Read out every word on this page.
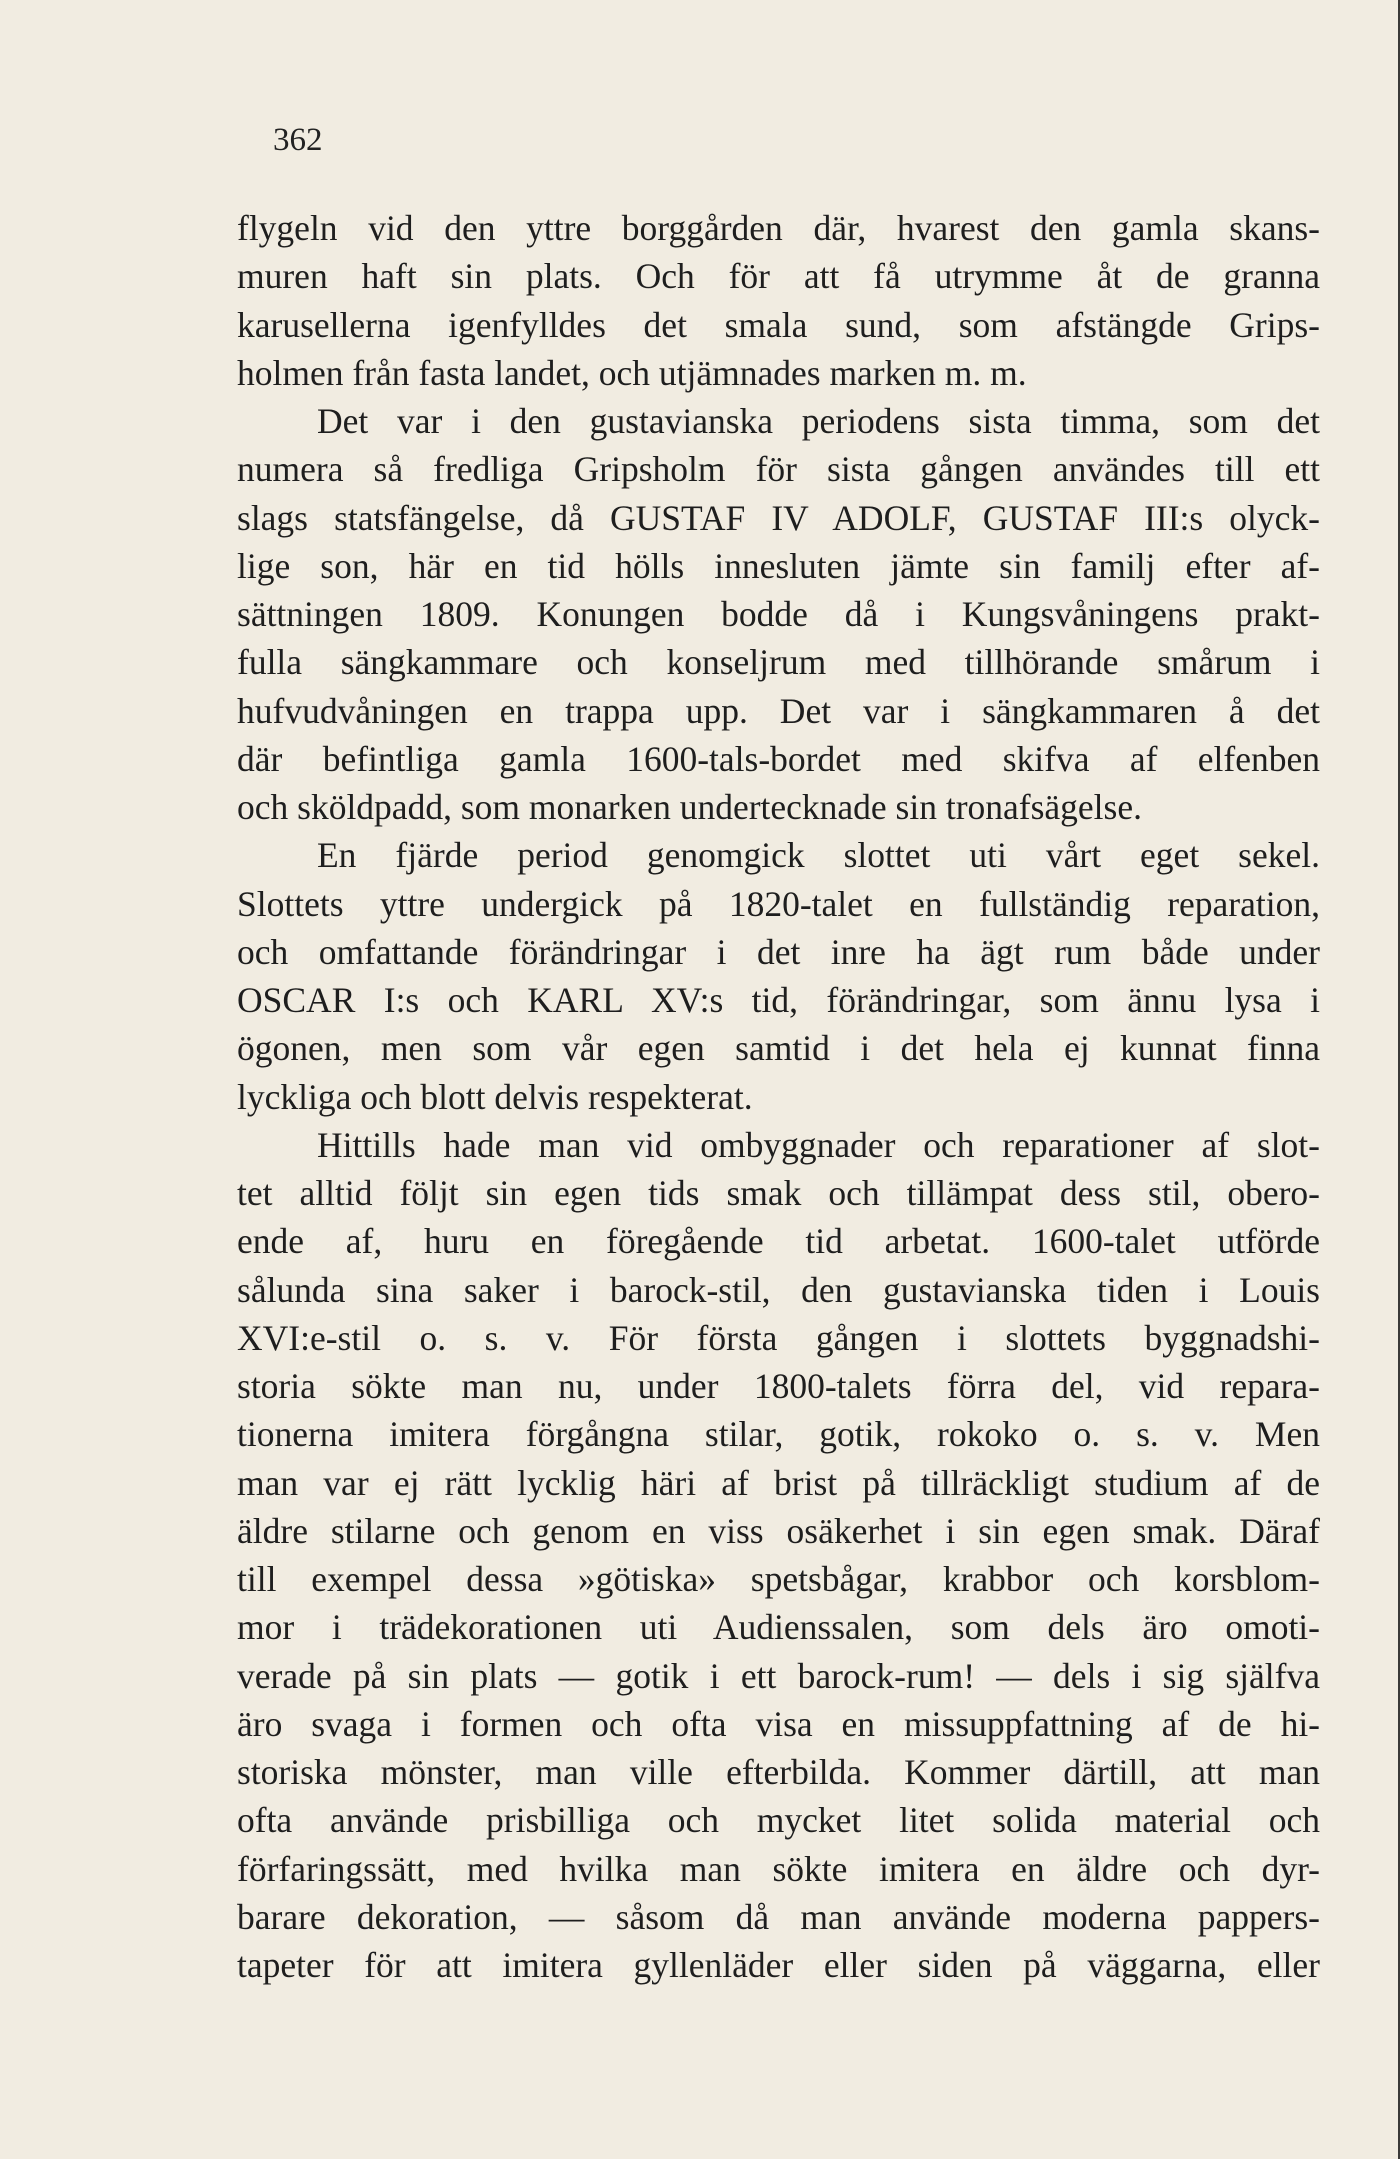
362
flygeln vid den yttre borggården där, hvarest den gamla skans-
muren haft sin plats. Och för att få utrymme åt de granna
karusellerna igenfylldes det smala sund, som afstängde Grips-
holmen från fasta landet, och utjämnades marken m. m.
Det var i den gustavianska periodens sista timma, som det
numera så fredliga Gripsholm för sista gången användes till ett
slags statsfängelse, då GUSTAF IV ADOLF, GUSTAF III:s olyck-
lige son, här en tid hölls innesluten jämte sin familj efter af-
sättningen 1809. Konungen bodde då i Kungsvåningens prakt-
fulla sängkammare och konseljrum med tillhörande smårum i
hufvudvåningen en trappa upp. Det var i sängkammaren å det
där befintliga gamla 1600-tals-bordet med skifva af elfenben
och sköldpadd, som monarken undertecknade sin tronafsägelse.
En fjärde period genomgick slottet uti vårt eget sekel.
Slottets yttre undergick på 1820-talet en fullständig reparation,
och omfattande förändringar i det inre ha ägt rum både under
OSCAR I:s och KARL XV:s tid, förändringar, som ännu lysa i
ögonen, men som vår egen samtid i det hela ej kunnat finna
lyckliga och blott delvis respekterat.
Hittills hade man vid ombyggnader och reparationer af slot-
tet alltid följt sin egen tids smak och tillämpat dess stil, obero-
ende af, huru en föregående tid arbetat. 1600-talet utförde
sålunda sina saker i barock-stil, den gustavianska tiden i Louis
XVI:e-stil o. s. v. För första gången i slottets byggnadshi-
storia sökte man nu, under 1800-talets förra del, vid repara-
tionerna imitera förgångna stilar, gotik, rokoko o. s. v. Men
man var ej rätt lycklig häri af brist på tillräckligt studium af de
äldre stilarne och genom en viss osäkerhet i sin egen smak. Däraf
till exempel dessa »götiska» spetsbågar, krabbor och korsblom-
mor i trädekorationen uti Audienssalen, som dels äro omoti-
verade på sin plats — gotik i ett barock-rum! — dels i sig själfva
äro svaga i formen och ofta visa en missuppfattning af de hi-
storiska mönster, man ville efterbilda. Kommer därtill, att man
ofta använde prisbilliga och mycket litet solida material och
förfaringssätt, med hvilka man sökte imitera en äldre och dyr-
barare dekoration, — såsom då man använde moderna pappers-
tapeter för att imitera gyllenläder eller siden på väggarna, eller
